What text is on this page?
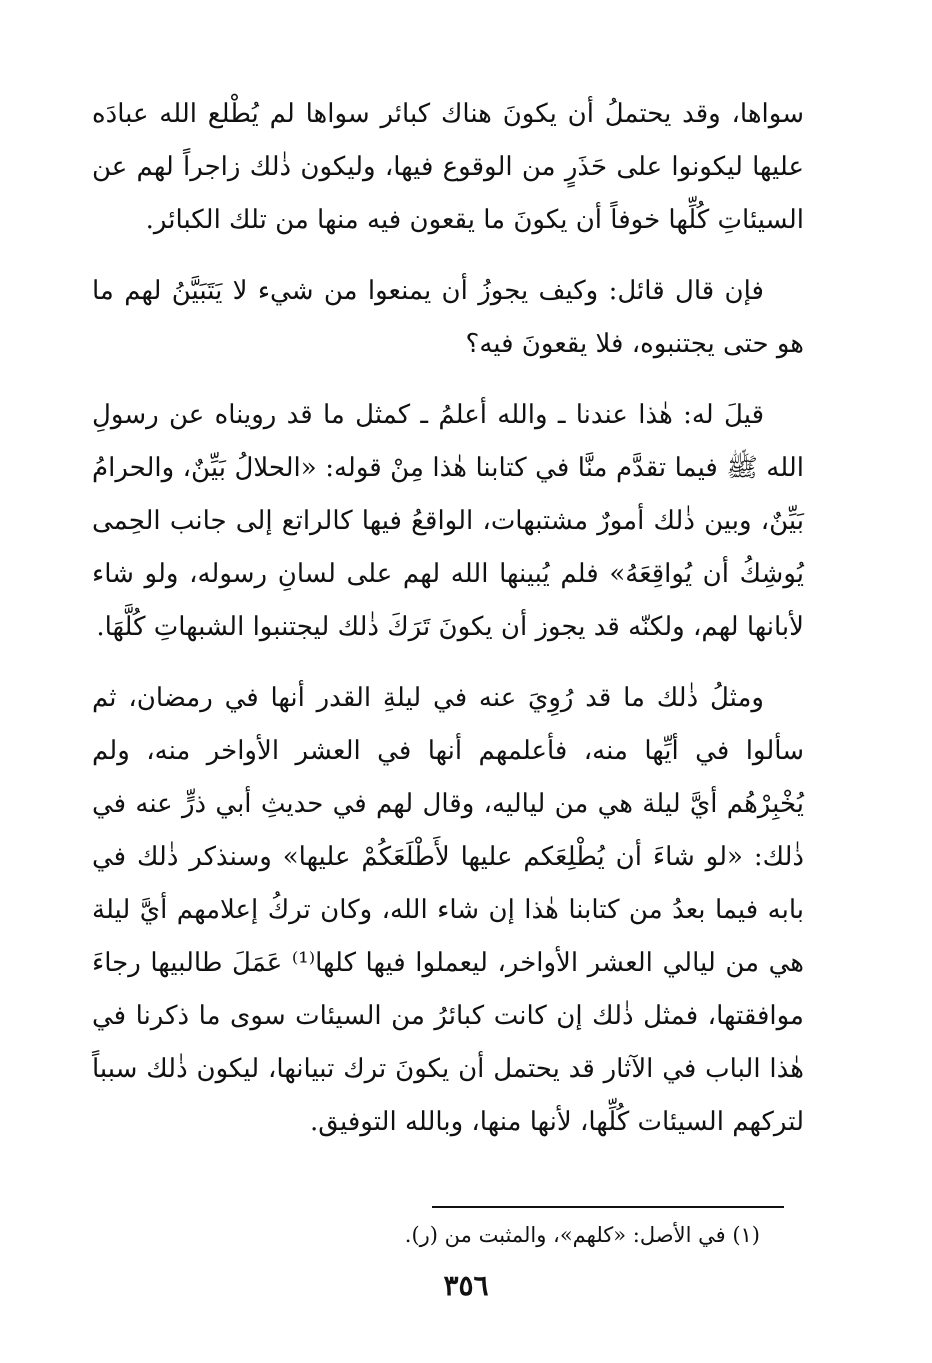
سواها، وقد يحتملُ أن يكونَ هناك كبائر سواها لم يُطْلع الله عبادَه عليها ليكونوا على حَذَرٍ من الوقوع فيها، وليكون ذٰلك زاجراً لهم عن السيئاتِ كُلِّها خوفاً أن يكونَ ما يقعون فيه منها من تلك الكبائر.

فإن قال قائل: وكيف يجوزُ أن يمنعوا من شيء لا يَتَبَيَّنُ لهم ما هو حتى يجتنبوه، فلا يقعونَ فيه؟

قيلَ له: هٰذا عندنا ـ والله أعلمُ ـ كمثل ما قد رويناه عن رسولِ الله ﷺ فيما تقدَّم منَّا في كتابنا هٰذا مِنْ قوله: «الحلالُ بَيِّنٌ، والحرامُ بَيِّنٌ، وبين ذٰلك أمورٌ مشتبهات، الواقعُ فيها كالراتع إلى جانب الحِمى يُوشِكُ أن يُواقِعَهُ» فلم يُبينها الله لهم على لسانِ رسوله، ولو شاء لأبانها لهم، ولكنّه قد يجوز أن يكونَ تَرَكَ ذٰلك ليجتنبوا الشبهاتِ كُلَّهَا.

ومثلُ ذٰلك ما قد رُوِيَ عنه في ليلةِ القدر أنها في رمضان، ثم سألوا في أيِّها منه، فأعلمهم أنها في العشر الأواخر منه، ولم يُخْبِرْهُم أيَّ ليلة هي من لياليه، وقال لهم في حديثِ أبي ذرٍّ عنه في ذٰلك: «لو شاءَ أن يُطْلِعَكم عليها لأَطْلَعَكُمْ عليها» وسنذكر ذٰلك في بابه فيما بعدُ من كتابنا هٰذا إن شاء الله، وكان تركُ إعلامهم أيَّ ليلة هي من ليالي العشر الأواخر، ليعملوا فيها كلها⁽¹⁾ عَمَلَ طالبيها رجاءَ موافقتها، فمثل ذٰلك إن كانت كبائرُ من السيئات سوى ما ذكرنا في هٰذا الباب في الآثار قد يحتمل أن يكونَ ترك تبيانها، ليكون ذٰلك سبباً لتركهم السيئات كُلِّها، لأنها منها، وبالله التوفيق.

(١) في الأصل: «كلهم»، والمثبت من (ر).
٣٥٦
